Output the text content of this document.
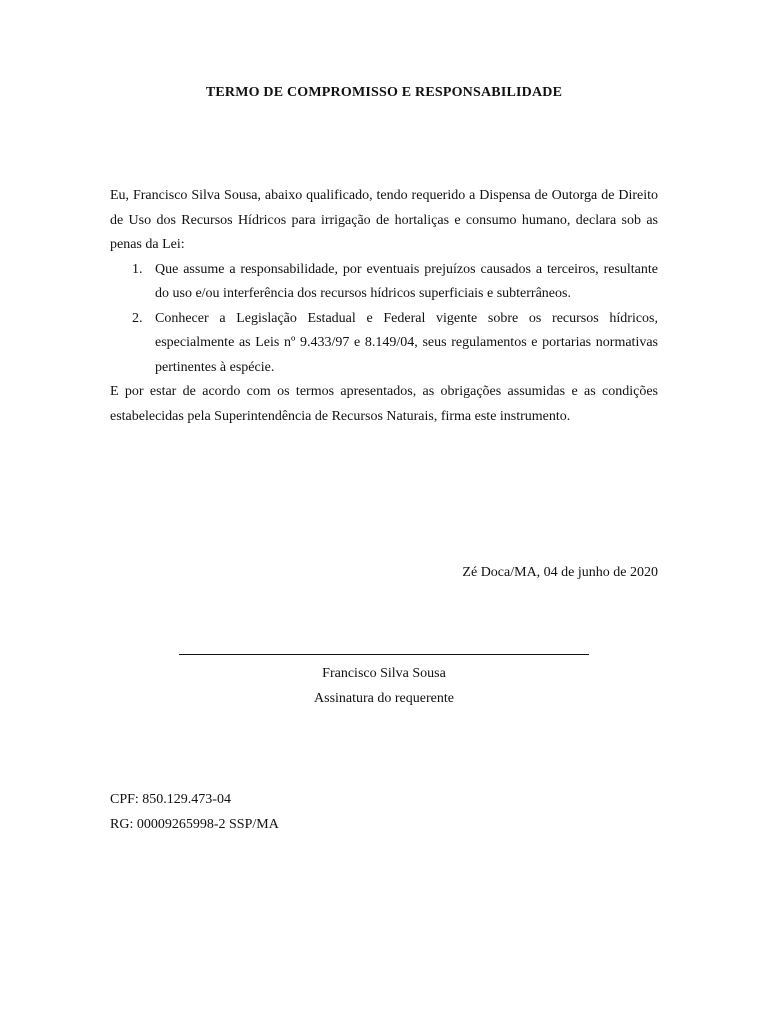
TERMO DE COMPROMISSO E RESPONSABILIDADE

Eu, Francisco Silva Sousa, abaixo qualificado, tendo requerido a Dispensa de Outorga de Direito de Uso dos Recursos Hídricos para irrigação de hortaliças e consumo humano, declara sob as penas da Lei:

1. Que assume a responsabilidade, por eventuais prejuízos causados a terceiros, resultante do uso e/ou interferência dos recursos hídricos superficiais e subterrâneos.
2. Conhecer a Legislação Estadual e Federal vigente sobre os recursos hídricos, especialmente as Leis nº 9.433/97 e 8.149/04, seus regulamentos e portarias normativas pertinentes à espécie.

E por estar de acordo com os termos apresentados, as obrigações assumidas e as condições estabelecidas pela Superintendência de Recursos Naturais, firma este instrumento.

Zé Doca/MA, 04 de junho de 2020
Francisco Silva Sousa
Assinatura do requerente
CPF: 850.129.473-04
RG: 00009265998-2 SSP/MA
